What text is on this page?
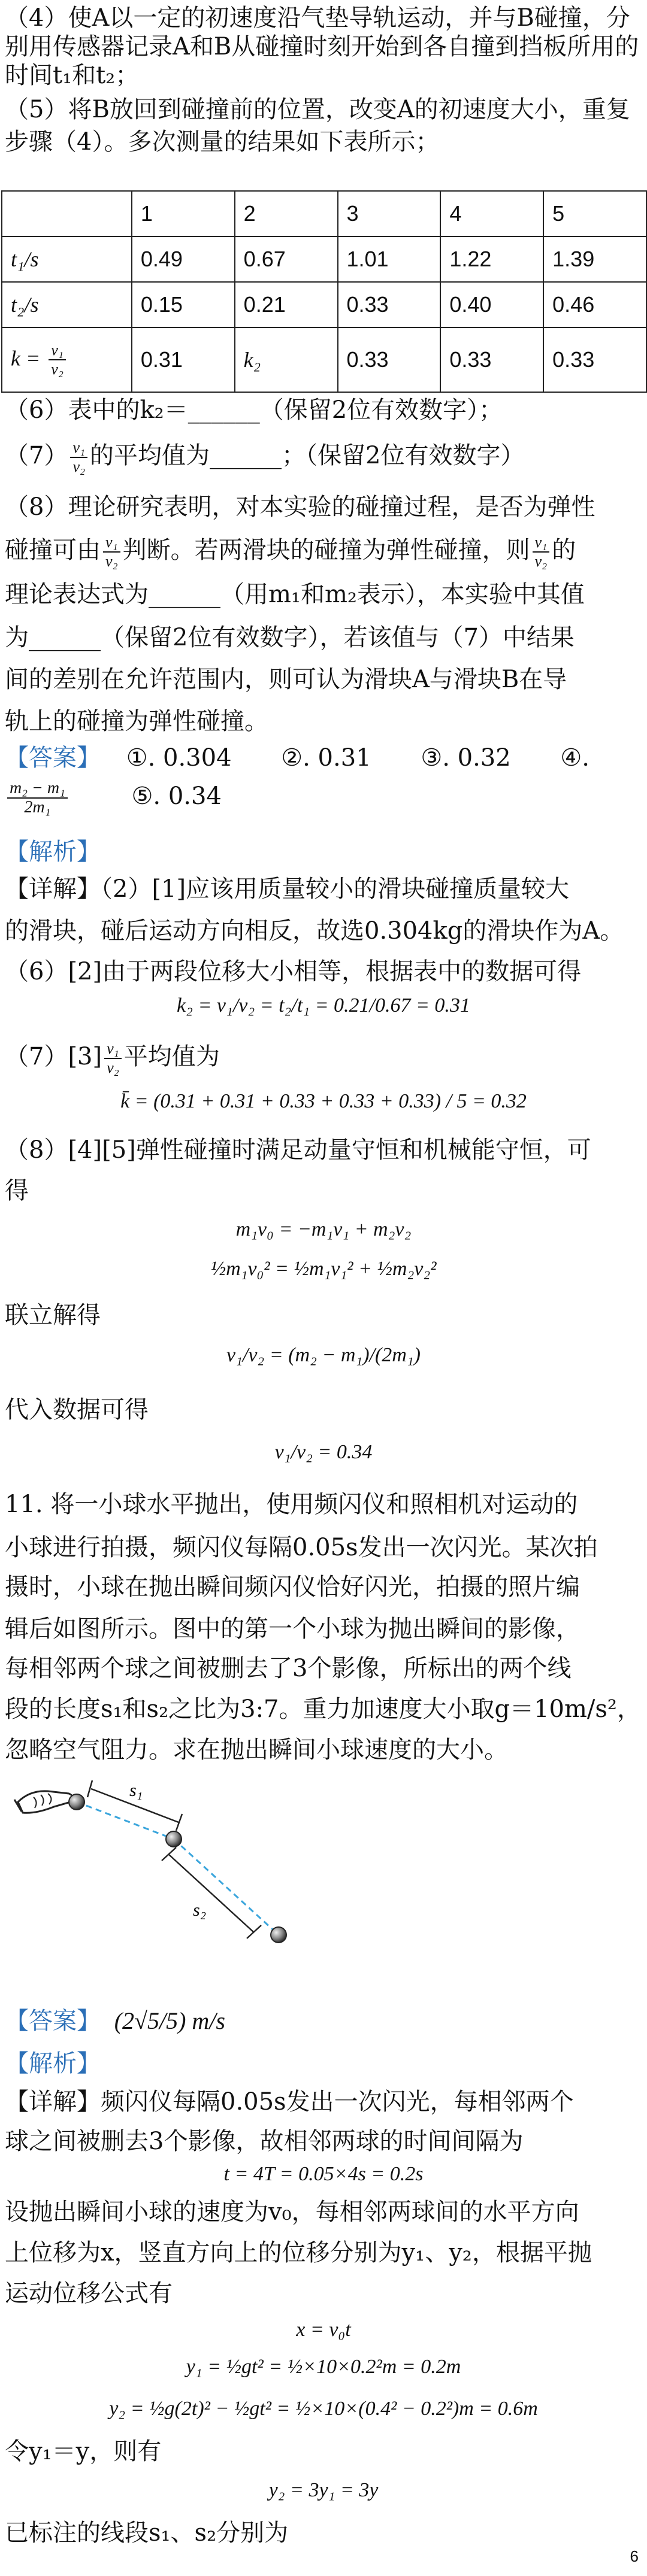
（4）使A以一定的初速度沿气垫导轨运动，并与B碰撞，分别用传感器记录A和B从碰撞时刻开始到各自撞到挡板所用的时间t₁和t₂；
（5）将B放回到碰撞前的位置，改变A的初速度大小，重复步骤（4）。多次测量的结果如下表所示；
	1	2	3	4	5
t₁/s	0.49	0.67	1.01	1.22	1.39
t₂/s	0.15	0.21	0.33	0.40	0.46
$k = \frac{\text{v₁}}{\text{v₂}}$	0.31	k₂	0.33	0.33	0.33
（6）表中的k₂＝______（保留2位有效数字）；
$(7) \frac{\text{v₁}}{\text{v₂}}$ 的平均值为______；（保留2位有效数字）
（8）理论研究表明，对本实验的碰撞过程，是否为弹性
碰撞可由 $\frac{\text{v₁}}{\text{v₂}}$ 判断。若两滑块的碰撞为弹性碰撞，则 $\frac{\text{v₁}}{\text{v₂}}$ 的
理论表达式为______（用m₁和m₂表示），本实验中其值
为______（保留2位有效数字），若该值与（7）中结果
间的差别在允许范围内，则可认为滑块A与滑块B在导
轨上的碰撞为弹性碰撞。
【答案】 ①. 0.304 ②. 0.31 ③. 0.32 ④.
$\frac{\text{m₂ − m₁}}{\text{2m₁}}$	⑤. 0.34
【解析】
【详解】（2）[1]应该用质量较小的滑块碰撞质量较大
的滑块，碰后运动方向相反，故选0.304kg的滑块作为A。
（6）[2]由于两段位移大小相等，根据表中的数据可得
k₂ = v₁/v₂ = t₂/t₁ = 0.21/0.67 = 0.31
$(7)[3] \frac{\text{v₁}}{\text{v₂}}$ 平均值为
k̄ = (0.31 + 0.31 + 0.33 + 0.33 + 0.33) / 5 = 0.32
（8）[4][5]弹性碰撞时满足动量守恒和机械能守恒，可
得
m₁v₀ = −m₁v₁ + m₂v₂
½m₁v₀² = ½m₁v₁² + ½m₂v₂²
联立解得
v₁/v₂ = (m₂ − m₁)/(2m₁)
代入数据可得
v₁/v₂ = 0.34
11. 将一小球水平抛出，使用频闪仪和照相机对运动的
小球进行拍摄，频闪仪每隔0.05s发出一次闪光。某次拍
摄时，小球在抛出瞬间频闪仪恰好闪光，拍摄的照片编
辑后如图所示。图中的第一个小球为抛出瞬间的影像，
每相邻两个球之间被删去了3个影像，所标出的两个线
段的长度s₁和s₂之比为3:7。重力加速度大小取g＝10m/s²，
忽略空气阻力。求在抛出瞬间小球速度的大小。
s₁
s₂
【答案】 (2√5/5) m/s
【解析】
【详解】频闪仪每隔0.05s发出一次闪光，每相邻两个
球之间被删去3个影像，故相邻两球的时间间隔为
t = 4T = 0.05×4s = 0.2s
设抛出瞬间小球的速度为v₀，每相邻两球间的水平方向
上位移为x，竖直方向上的位移分别为y₁、y₂，根据平抛
运动位移公式有
x = v₀t
y₁ = ½gt² = ½×10×0.2²m = 0.2m
y₂ = ½g(2t)² − ½gt² = ½×10×(0.4² − 0.2²)m = 0.6m
令y₁＝y，则有
y₂ = 3y₁ = 3y
已标注的线段s₁、s₂分别为
6
